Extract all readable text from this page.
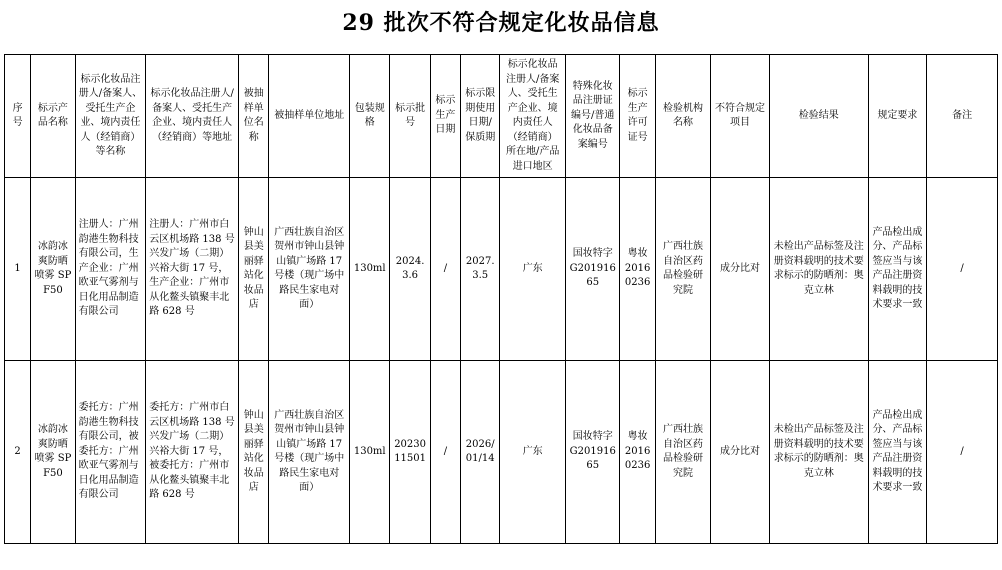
29 批次不符合规定化妆品信息
序号	标示产品名称	标示化妆品注册人/备案人、受托生产企业、境内责任人（经销商）等名称	标示化妆品注册人/备案人、受托生产企业、境内责任人（经销商）等地址	被抽样单位名称	被抽样单位地址	包装规格	标示批号	标示生产日期	标示限期使用日期/保质期	标示化妆品注册人/备案人、受托生产企业、境内责任人（经销商）所在地/产品进口地区	特殊化妆品注册证编号/普通化妆品备案编号	标示生产许可证号	检验机构名称	不符合规定项目	检验结果	规定要求	备注
1	冰韵冰爽防晒喷雾 SPF50	注册人：广州韵港生物科技有限公司，生产企业：广州欧亚气雾剂与日化用品制造有限公司	注册人：广州市白云区机场路 138 号兴发广场（二期）兴裕大街 17 号，生产企业：广州市从化鳌头镇聚丰北路 628 号	钟山县美丽驿站化妆品店	广西壮族自治区贺州市钟山县钟山镇广场路 17 号楼（现广场中路民生家电对面）	130ml	2024.3.6	/	2027.3.5	广东	国妆特字 G20191665	粤妆 20160236	广西壮族自治区药品检验研究院	成分比对	未检出产品标签及注册资料载明的技术要求标示的防晒剂：奥克立林	产品检出成分、产品标签应当与该产品注册资料载明的技术要求一致	/
2	冰韵冰爽防晒喷雾 SPF50	委托方：广州韵港生物科技有限公司，被委托方：广州欧亚气雾剂与日化用品制造有限公司	委托方：广州市白云区机场路 138 号兴发广场（二期）兴裕大街 17 号，被委托方：广州市从化鳌头镇聚丰北路 628 号	钟山县美丽驿站化妆品店	广西壮族自治区贺州市钟山县钟山镇广场路 17 号楼（现广场中路民生家电对面）	130ml	2023011501	/	2026/01/14	广东	国妆特字 G20191665	粤妆 20160236	广西壮族自治区药品检验研究院	成分比对	未检出产品标签及注册资料载明的技术要求标示的防晒剂：奥克立林	产品检出成分、产品标签应当与该产品注册资料载明的技术要求一致	/
